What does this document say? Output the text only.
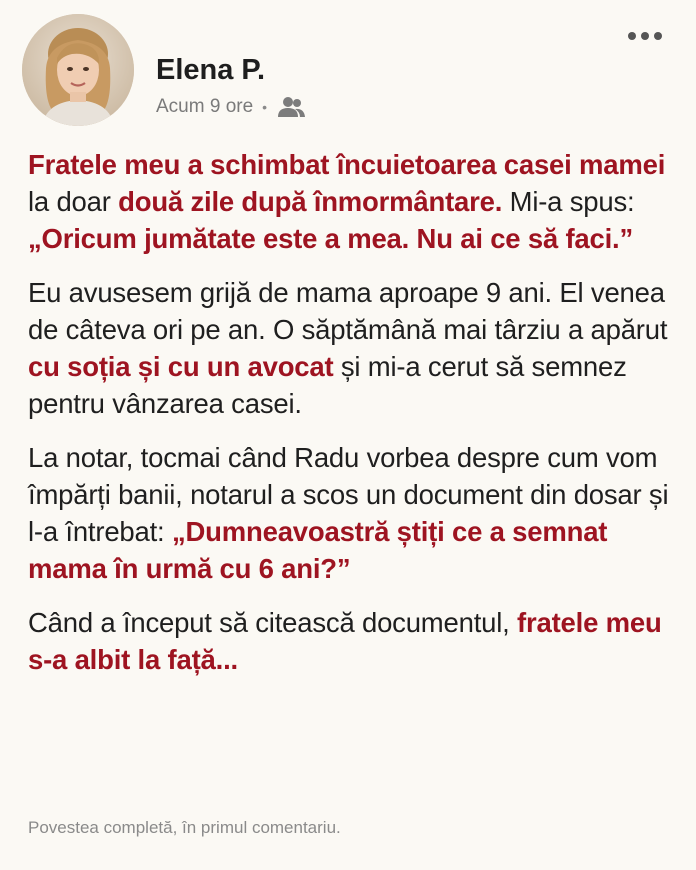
Elena P.
Acum 9 ore •

Fratele meu a schimbat încuietoarea casei mamei la doar două zile după înmormântare. Mi-a spus: „Oricum jumătate este a mea. Nu ai ce să faci.”

Eu avusesem grijă de mama aproape 9 ani. El venea de câteva ori pe an. O săptămână mai târziu a apărut cu soția și cu un avocat și mi-a cerut să semnez pentru vânzarea casei.

La notar, tocmai când Radu vorbea despre cum vom împărți banii, notarul a scos un document din dosar și l-a întrebat: „Dumneavoastră știți ce a semnat mama în urmă cu 6 ani?”

Când a început să citească documentul, fratele meu s-a albit la față...

Povestea completă, în primul comentariu.
